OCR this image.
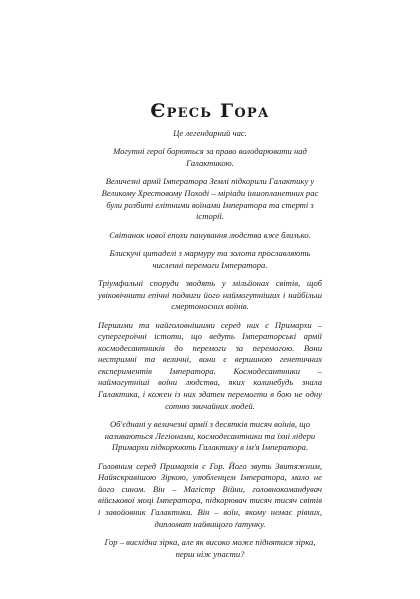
Єресь Гора

Це легендарний час.

Могутні герої борються за право володарювати над Галактикою.

Величезні армії Імператора Землі підкорили Галактику у Великому Хрестовому Поході – міріади іншопланетних рас були розбиті елітними воїнами Імператора та стерті з історії.

Світанок нової епохи панування людства вже близько.

Блискучі цитаделі з мармуру та золота прославляють численні перемоги Імператора.

Тріумфальні споруди зводять у мільйонах світів, щоб увіковічнити епічні подвиги його наймогутніших і найбільш смертоносних воїнів.

Першими та найголовнішими серед них є Примархи – супергероїчні істоти, що ведуть Імператорські армії космодесантників до перемоги за перемогою. Вони нестримні та величні, вони є вершиною генетичних експериментів Імператора. Космодесантники – наймогутніші воїни людства, яких колинебудь знала Галактика, і кожен із них здатен перемогти в бою не одну сотню звичайних людей.

Об'єднані у величезні армії з десятків тисяч воїнів, що називаються Легіонами, космодесантники та їхні лідери Примархи підкорюють Галактику в ім'я Імператора.

Головним серед Примархів є Гор. Його звуть Звитяжним, Найяскравішою Зіркою, улюбленцем Імператора, мало не його сином. Він – Магістр Війни, головнокомандувач військової моці Імператора, підкорювач тисяч тисяч світів і завойовник Галактики. Він – воїн, якому немає рівних, дипломат найвищого ґатунку.

Гор – висхідна зірка, але як високо може піднятися зірка, перш ніж упасти?
